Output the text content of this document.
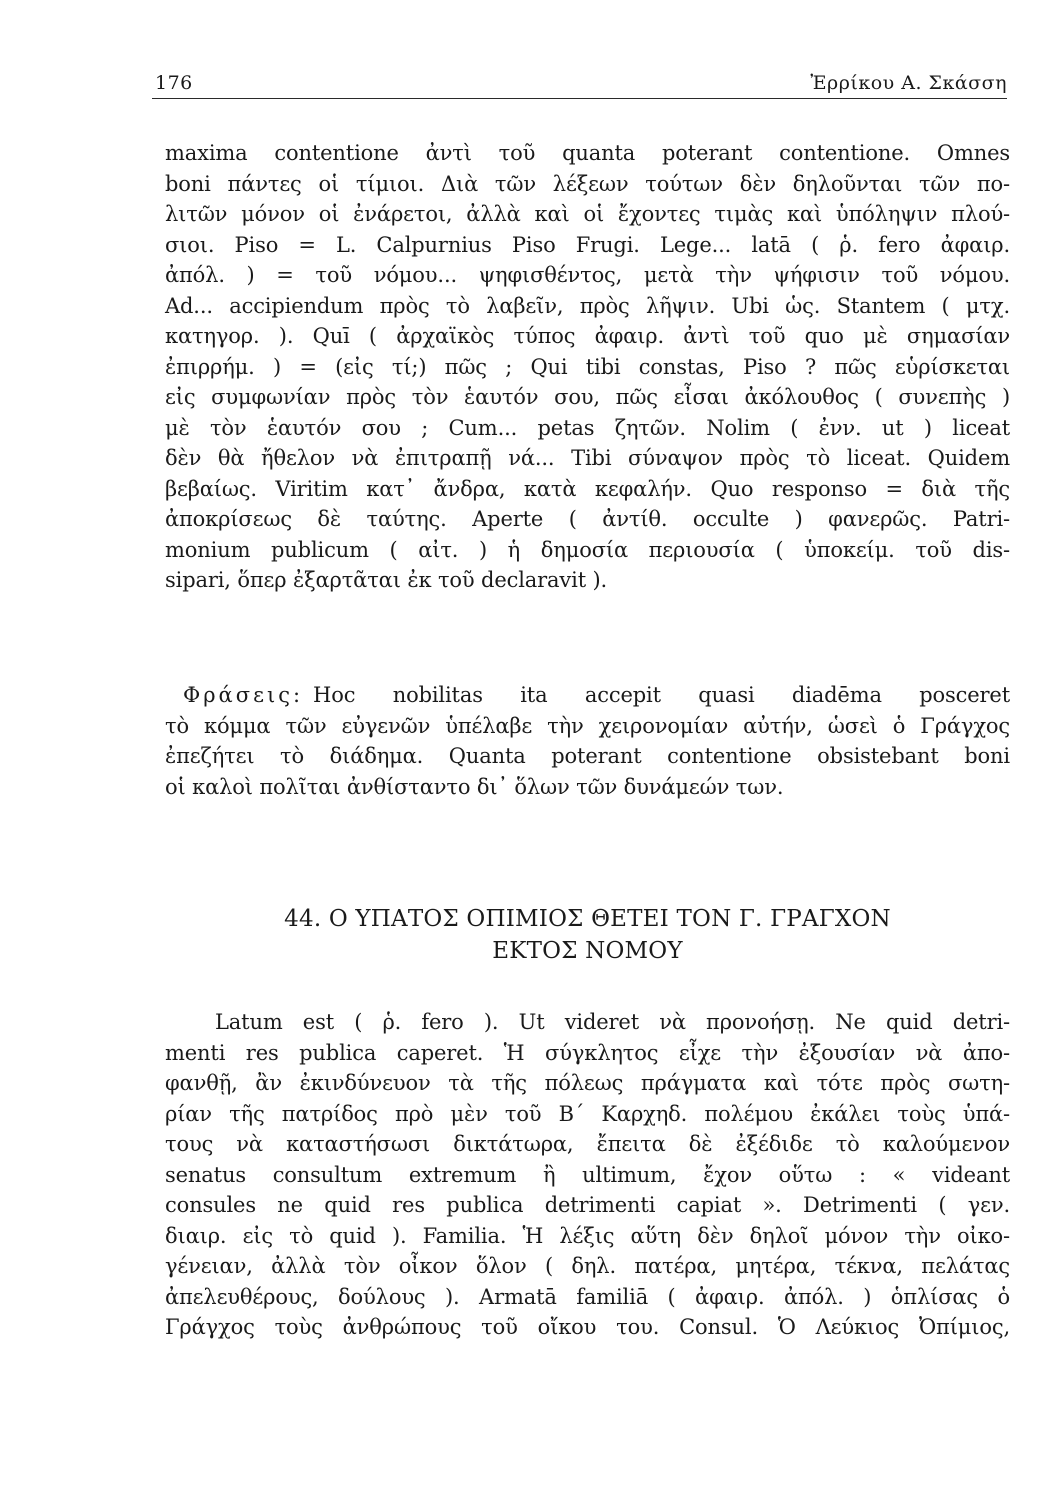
176	Ἐρρίκου Α. Σκάσση
maxima contentione ἀντὶ τοῦ quanta poterant contentione. Omnes
boni πάντες οἱ τίμιοι. Διὰ τῶν λέξεων τούτων δὲν δηλοῦνται τῶν πο-
λιτῶν μόνον οἱ ἐνάρετοι, ἀλλὰ καὶ οἱ ἔχοντες τιμὰς καὶ ὑπόληψιν πλού-
σιοι. Piso = L. Calpurnius Piso Frugi. Lege... latā ( ῥ. fero ἀφαιρ.
ἀπόλ. ) = τοῦ νόμου... ψηφισθέντος, μετὰ τὴν ψήφισιν τοῦ νόμου.
Ad... accipiendum πρὸς τὸ λαβεῖν, πρὸς λῆψιν. Ubi ὡς. Stantem ( μτχ.
κατηγορ. ). Quī ( ἀρχαϊκὸς τύπος ἀφαιρ. ἀντὶ τοῦ quo μὲ σημασίαν
ἐπιρρήμ. ) = (εἰς τί;) πῶς ; Qui tibi constas, Piso ? πῶς εὑρίσκεται
εἰς συμφωνίαν πρὸς τὸν ἑαυτόν σου, πῶς εἶσαι ἀκόλουθος ( συνεπὴς )
μὲ τὸν ἑαυτόν σου ; Cum... petas ζητῶν. Nolim ( ἐνν. ut ) liceat
δὲν θὰ ἤθελον νὰ ἐπιτραπῇ νά... Tibi σύναψον πρὸς τὸ liceat. Quidem
βεβαίως. Viritim κατ᾽ ἄνδρα, κατὰ κεφαλήν. Quo responso = διὰ τῆς
ἀποκρίσεως δὲ ταύτης. Aperte ( ἀντίθ. occulte ) φανερῶς. Patri-
monium publicum ( αἰτ. ) ἡ δημοσία περιουσία ( ὑποκείμ. τοῦ dis-
sipari, ὅπερ ἐξαρτᾶται ἐκ τοῦ declaravit ).
Φράσεις: Hoc nobilitas ita accepit quasi diadēma posceret
τὸ κόμμα τῶν εὐγενῶν ὑπέλαβε τὴν χειρονομίαν αὐτήν, ὡσεὶ ὁ Γράγχος
ἐπεζήτει τὸ διάδημα. Quanta poterant contentione obsistebant boni
οἱ καλοὶ πολῖται ἀνθίσταντο δι᾽ ὅλων τῶν δυνάμεών των.
44. Ο ΥΠΑΤΟΣ ΟΠΙΜΙΟΣ ΘΕΤΕΙ ΤΟΝ Γ. ΓΡΑΓΧΟΝ
ΕΚΤΟΣ ΝΟΜΟΥ
Latum est ( ῥ. fero ). Ut videret νὰ προνοήσῃ. Ne quid detri-
menti res publica caperet. Ἡ σύγκλητος εἶχε τὴν ἐξουσίαν νὰ ἀπο-
φανθῇ, ἂν ἐκινδύνευον τὰ τῆς πόλεως πράγματα καὶ τότε πρὸς σωτη-
ρίαν τῆς πατρίδος πρὸ μὲν τοῦ Β´ Καρχηδ. πολέμου ἐκάλει τοὺς ὑπά-
τους νὰ καταστήσωσι δικτάτωρα, ἔπειτα δὲ ἐξέδιδε τὸ καλούμενον
senatus consultum extremum ἢ ultimum, ἔχον οὕτω : « videant
consules ne quid res publica detrimenti capiat ». Detrimenti ( γεν.
διαιρ. εἰς τὸ quid ). Familia. Ἡ λέξις αὕτη δὲν δηλοῖ μόνον τὴν οἰκο-
γένειαν, ἀλλὰ τὸν οἶκον ὅλον ( δηλ. πατέρα, μητέρα, τέκνα, πελάτας
ἀπελευθέρους, δούλους ). Armatā familiā ( ἀφαιρ. ἀπόλ. ) ὁπλίσας ὁ
Γράγχος τοὺς ἀνθρώπους τοῦ οἴκου του. Consul. Ὁ Λεύκιος Ὀπίμιος,
